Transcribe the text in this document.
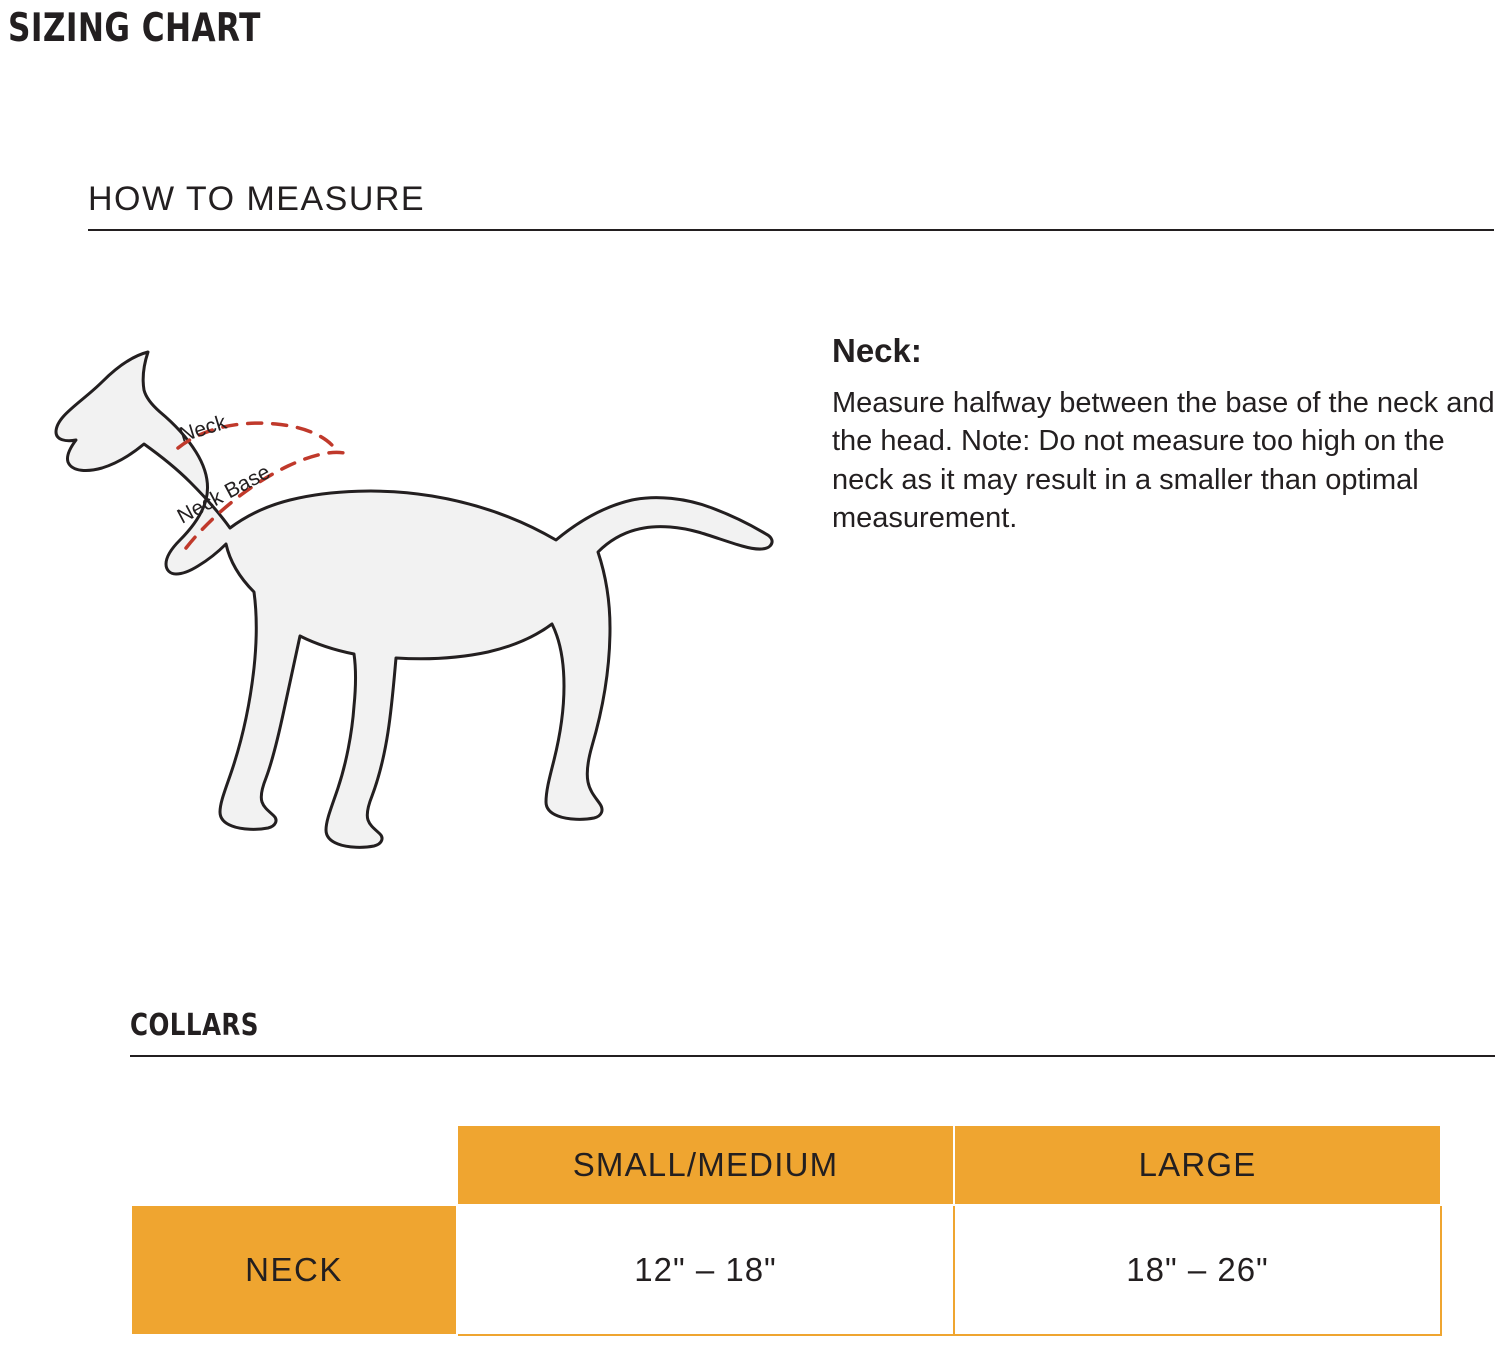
SIZING CHART
HOW TO MEASURE
Neck
Neck Base
Neck:

Measure halfway between the base of the neck and the head. Note: Do not measure too high on the neck as it may result in a smaller than optimal measurement.

COLLARS
	SMALL/MEDIUM	LARGE
NECK	12" – 18"	18" – 26"
